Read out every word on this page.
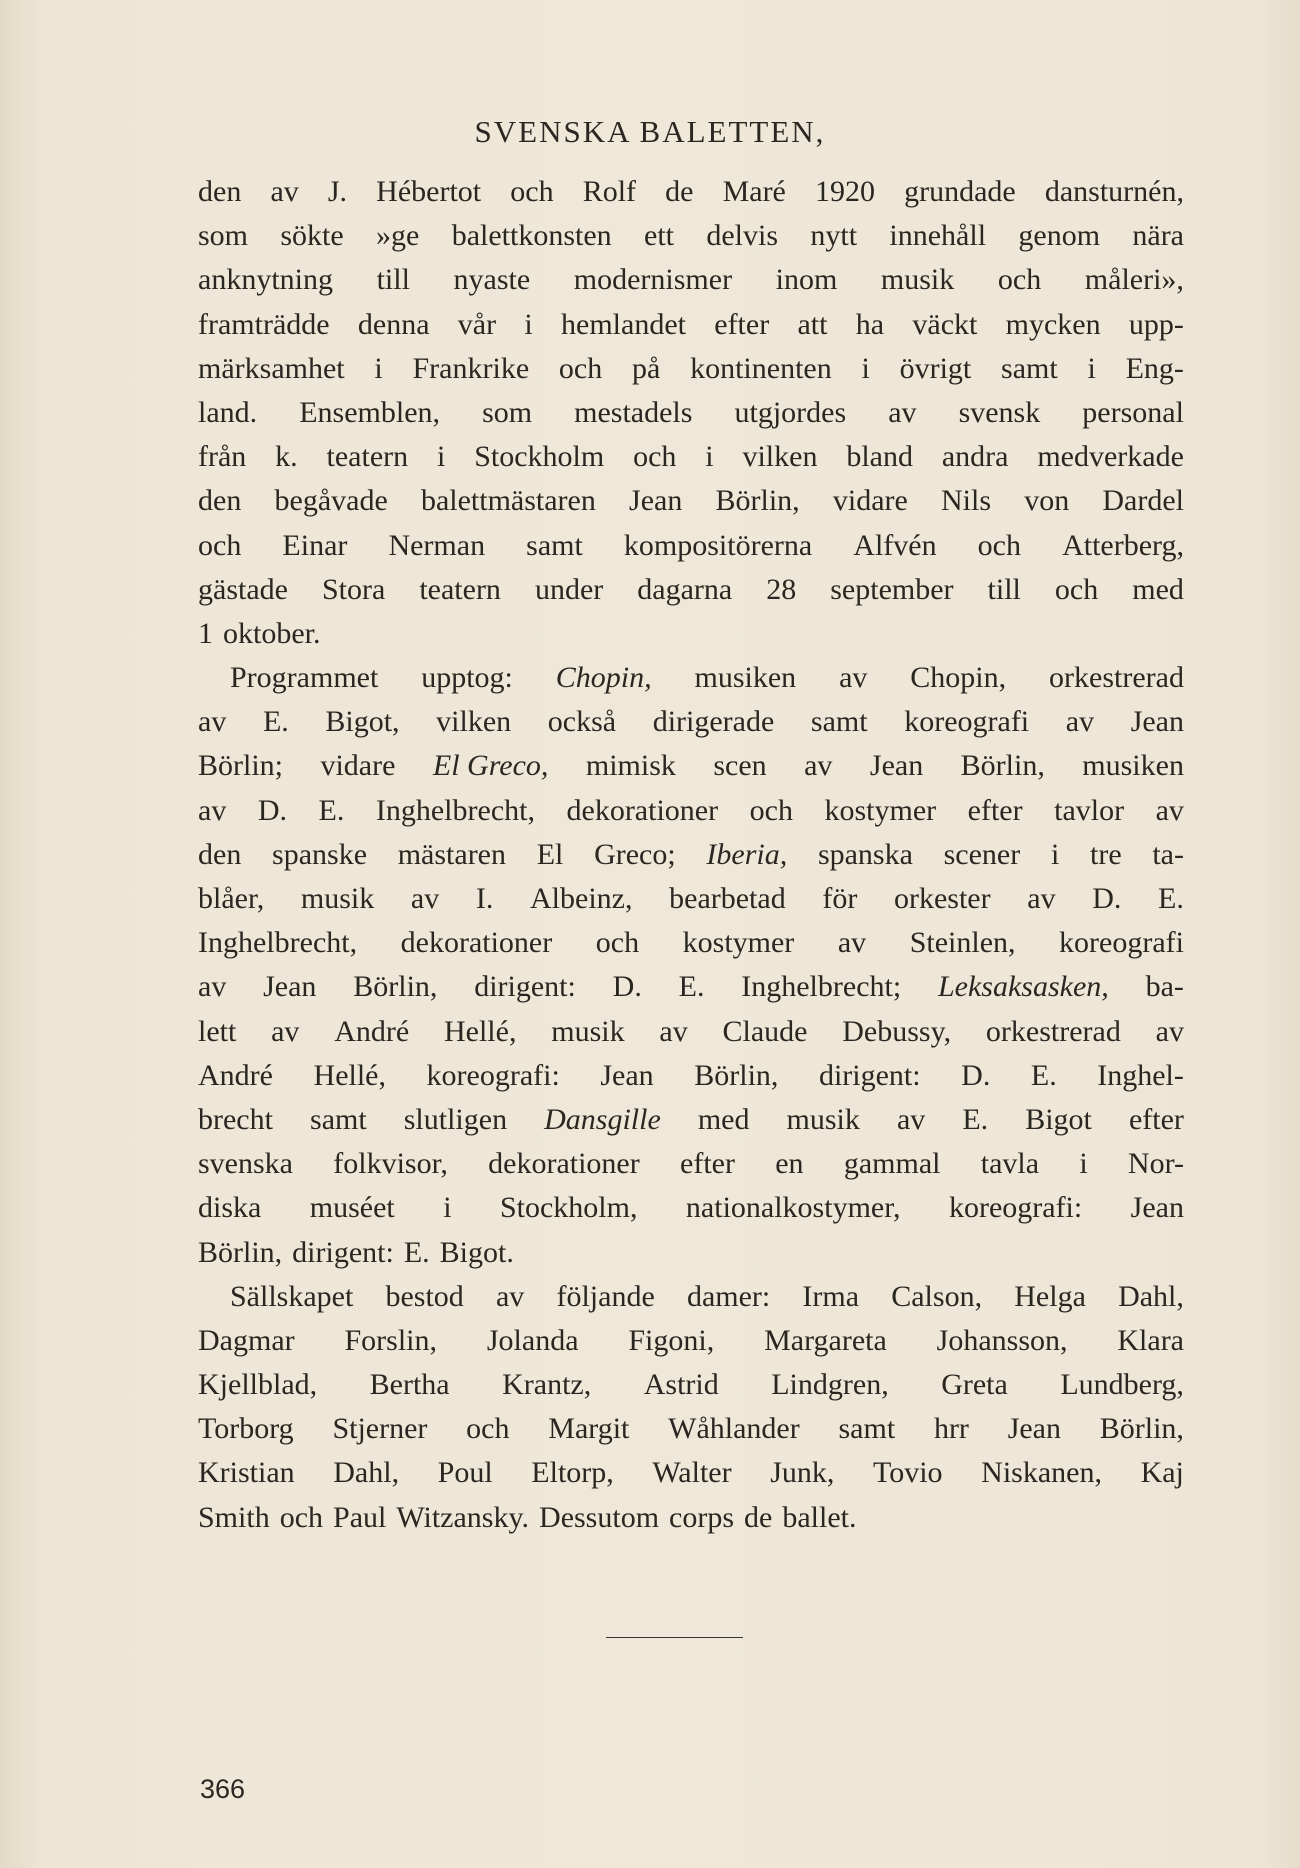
SVENSKA BALETTEN,
den av J. Hébertot och Rolf de Maré 1920 grundade dansturnén,
som sökte »ge balettkonsten ett delvis nytt innehåll genom nära
anknytning till nyaste modernismer inom musik och måleri»,
framträdde denna vår i hemlandet efter att ha väckt mycken upp-
märksamhet i Frankrike och på kontinenten i övrigt samt i Eng-
land. Ensemblen, som mestadels utgjordes av svensk personal
från k. teatern i Stockholm och i vilken bland andra medverkade
den begåvade balettmästaren Jean Börlin, vidare Nils von Dardel
och Einar Nerman samt kompositörerna Alfvén och Atterberg,
gästade Stora teatern under dagarna 28 september till och med
1 oktober.
Programmet upptog: Chopin, musiken av Chopin, orkestrerad
av E. Bigot, vilken också dirigerade samt koreografi av Jean
Börlin; vidare El Greco, mimisk scen av Jean Börlin, musiken
av D. E. Inghelbrecht, dekorationer och kostymer efter tavlor av
den spanske mästaren El Greco; Iberia, spanska scener i tre ta-
blåer, musik av I. Albeinz, bearbetad för orkester av D. E.
Inghelbrecht, dekorationer och kostymer av Steinlen, koreografi
av Jean Börlin, dirigent: D. E. Inghelbrecht; Leksaksasken, ba-
lett av André Hellé, musik av Claude Debussy, orkestrerad av
André Hellé, koreografi: Jean Börlin, dirigent: D. E. Inghel-
brecht samt slutligen Dansgille med musik av E. Bigot efter
svenska folkvisor, dekorationer efter en gammal tavla i Nor-
diska muséet i Stockholm, nationalkostymer, koreografi: Jean
Börlin, dirigent: E. Bigot.
Sällskapet bestod av följande damer: Irma Calson, Helga Dahl,
Dagmar Forslin, Jolanda Figoni, Margareta Johansson, Klara
Kjellblad, Bertha Krantz, Astrid Lindgren, Greta Lundberg,
Torborg Stjerner och Margit Wåhlander samt hrr Jean Börlin,
Kristian Dahl, Poul Eltorp, Walter Junk, Tovio Niskanen, Kaj
Smith och Paul Witzansky. Dessutom corps de ballet.
366
